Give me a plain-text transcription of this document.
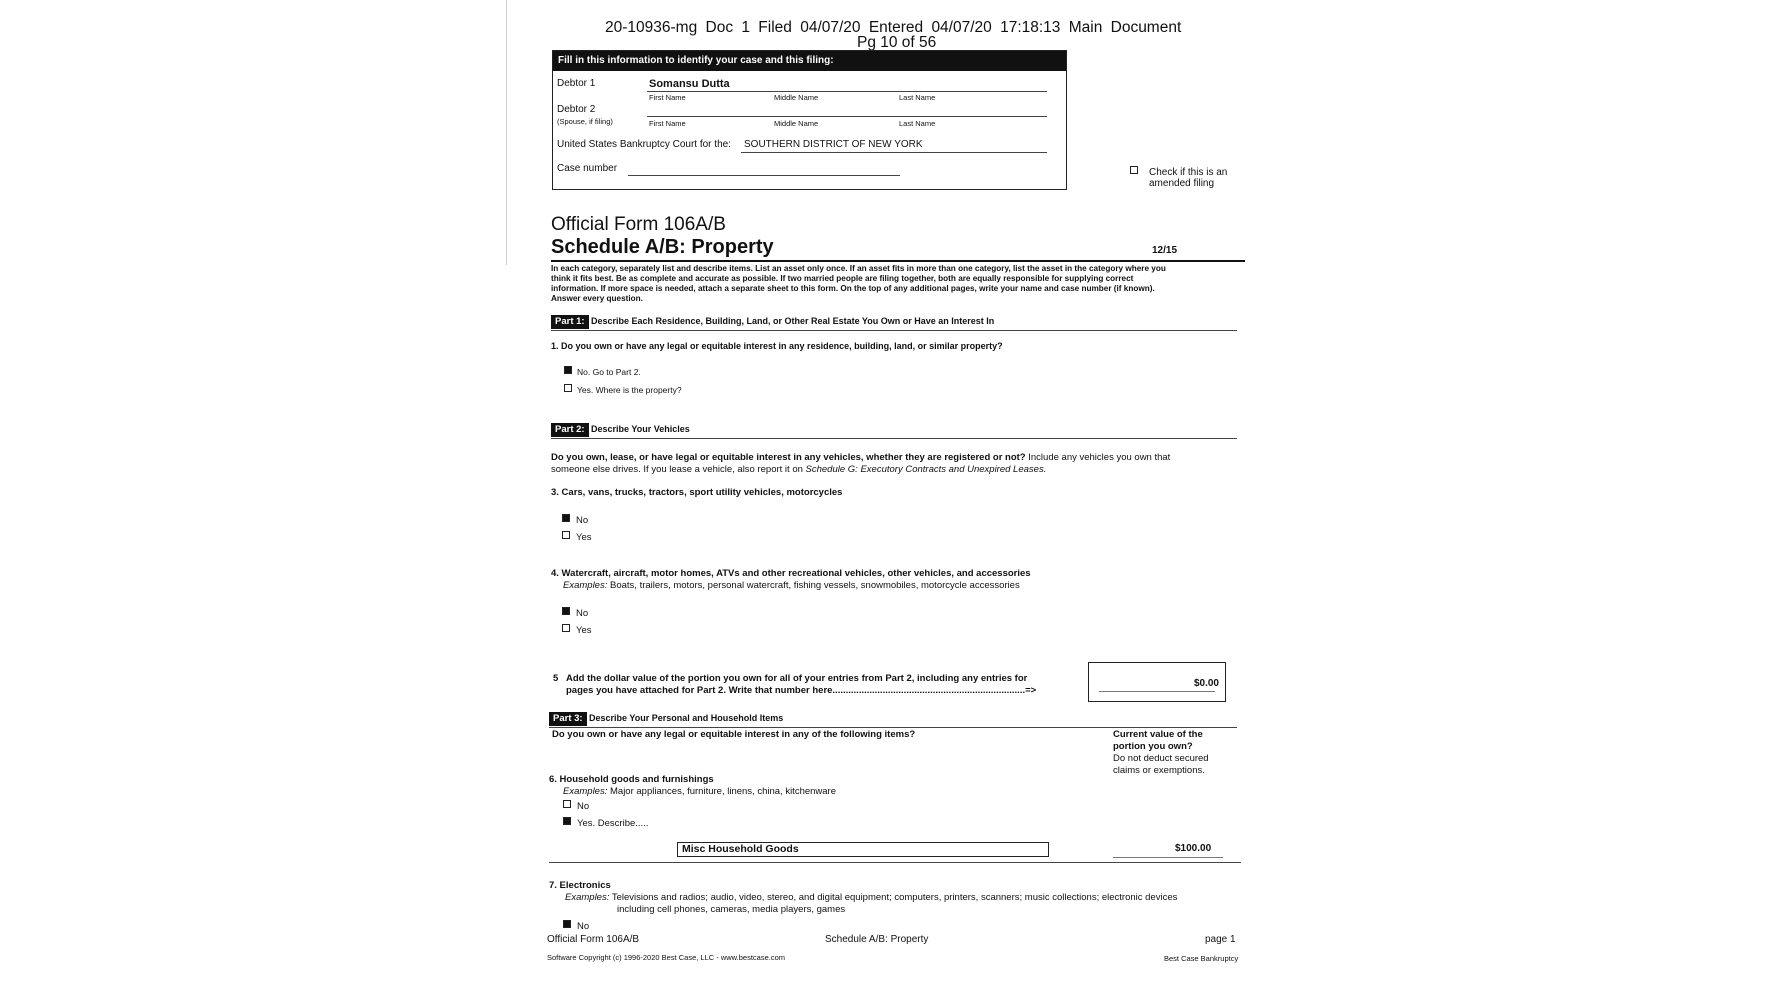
20-10936-mg Doc 1 Filed 04/07/20 Entered 04/07/20 17:18:13 Main Document
Pg 10 of 56
Fill in this information to identify your case and this filing:
Debtor 1	Somansu Dutta
First Name	Middle Name	Last Name
Debtor 2
(Spouse, if filing)	First Name	Middle Name	Last Name
United States Bankruptcy Court for the: SOUTHERN DISTRICT OF NEW YORK
Case number	Check if this is an
amended filing
Official Form 106A/B
Schedule A/B: Property	12/15
In each category, separately list and describe items. List an asset only once. If an asset fits in more than one category, list the asset in the category where you
think it fits best. Be as complete and accurate as possible. If two married people are filing together, both are equally responsible for supplying correct
information. If more space is needed, attach a separate sheet to this form. On the top of any additional pages, write your name and case number (if known).
Answer every question.
Part 1: Describe Each Residence, Building, Land, or Other Real Estate You Own or Have an Interest In
1. Do you own or have any legal or equitable interest in any residence, building, land, or similar property?
No. Go to Part 2.
Yes. Where is the property?
Part 2: Describe Your Vehicles
Do you own, lease, or have legal or equitable interest in any vehicles, whether they are registered or not? Include any vehicles you own that
someone else drives. If you lease a vehicle, also report it on Schedule G: Executory Contracts and Unexpired Leases.
3. Cars, vans, trucks, tractors, sport utility vehicles, motorcycles
No
Yes
4. Watercraft, aircraft, motor homes, ATVs and other recreational vehicles, other vehicles, and accessories
Examples: Boats, trailers, motors, personal watercraft, fishing vessels, snowmobiles, motorcycle accessories
No
Yes
5 Add the dollar value of the portion you own for all of your entries from Part 2, including any entries for
pages you have attached for Part 2. Write that number here.........................................................................=>
$0.00
Part 3: Describe Your Personal and Household Items
Do you own or have any legal or equitable interest in any of the following items?	Current value of the
portion you own?
Do not deduct secured
claims or exemptions.
6. Household goods and furnishings
Examples: Major appliances, furniture, linens, china, kitchenware
No
Yes. Describe.....
Misc Household Goods	$100.00
7. Electronics
Examples: Televisions and radios; audio, video, stereo, and digital equipment; computers, printers, scanners; music collections; electronic devices
including cell phones, cameras, media players, games
No
Official Form 106A/B	Schedule A/B: Property	page 1
Software Copyright (c) 1996-2020 Best Case, LLC - www.bestcase.com	Best Case Bankruptcy
